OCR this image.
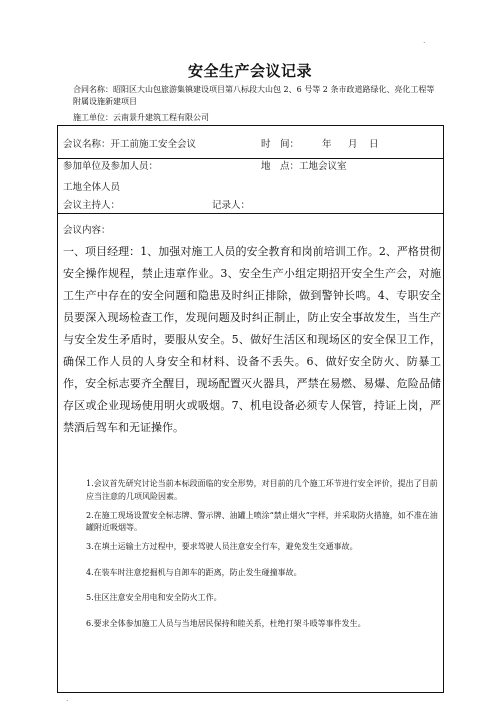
.
安全生产会议记录
合同名称：昭阳区大山包旅游集镇建设项目第八标段大山包 2、6 号等 2 条市政道路绿化、亮化工程等附属设施新建项目
施工单位：云南景升建筑工程有限公司
会议名称：开工前施工安全会议	时　间： 年 月 日
参加单位及参加人员：	地　点：工地会议室
工地全体人员
会议主持人：	记录人：
会议内容：
一、项目经理：1、加强对施工人员的安全教育和岗前培训工作。2、严格贯彻安全操作规程，禁止违章作业。3、安全生产小组定期招开安全生产会，对施工生产中存在的安全问题和隐患及时纠正排除，做到警钟长鸣。4、专职安全员要深入现场检查工作，发现问题及时纠正制止，防止安全事故发生，当生产与安全发生矛盾时，要服从安全。5、做好生活区和现场区的安全保卫工作，确保工作人员的人身安全和材料、设备不丢失。6、做好安全防火、防暴工作，安全标志要齐全醒目，现场配置灭火器具，严禁在易燃、易爆、危险品储存区或企业现场使用明火或吸烟。7、机电设备必须专人保管，持证上岗，严禁酒后驾车和无证操作。
1.会议首先研究讨论当前本标段面临的安全形势，对目前的几个施工环节进行安全评价，提出了目前应当注意的几项风险因素。
2.在施工现场设置安全标志牌、警示牌、油罐上喷涂“禁止烟火”字样，并采取防火措施，如不准在油罐附近吸烟等。
3.在填土运输土方过程中，要求驾驶人员注意安全行车，避免发生交通事故。
4.在装车时注意挖掘机与自卸车的距离，防止发生碰撞事故。
5.住区注意安全用电和安全防火工作。
6.要求全体参加施工人员与当地居民保持和睦关系，杜绝打架斗殴等事件发生。
.
